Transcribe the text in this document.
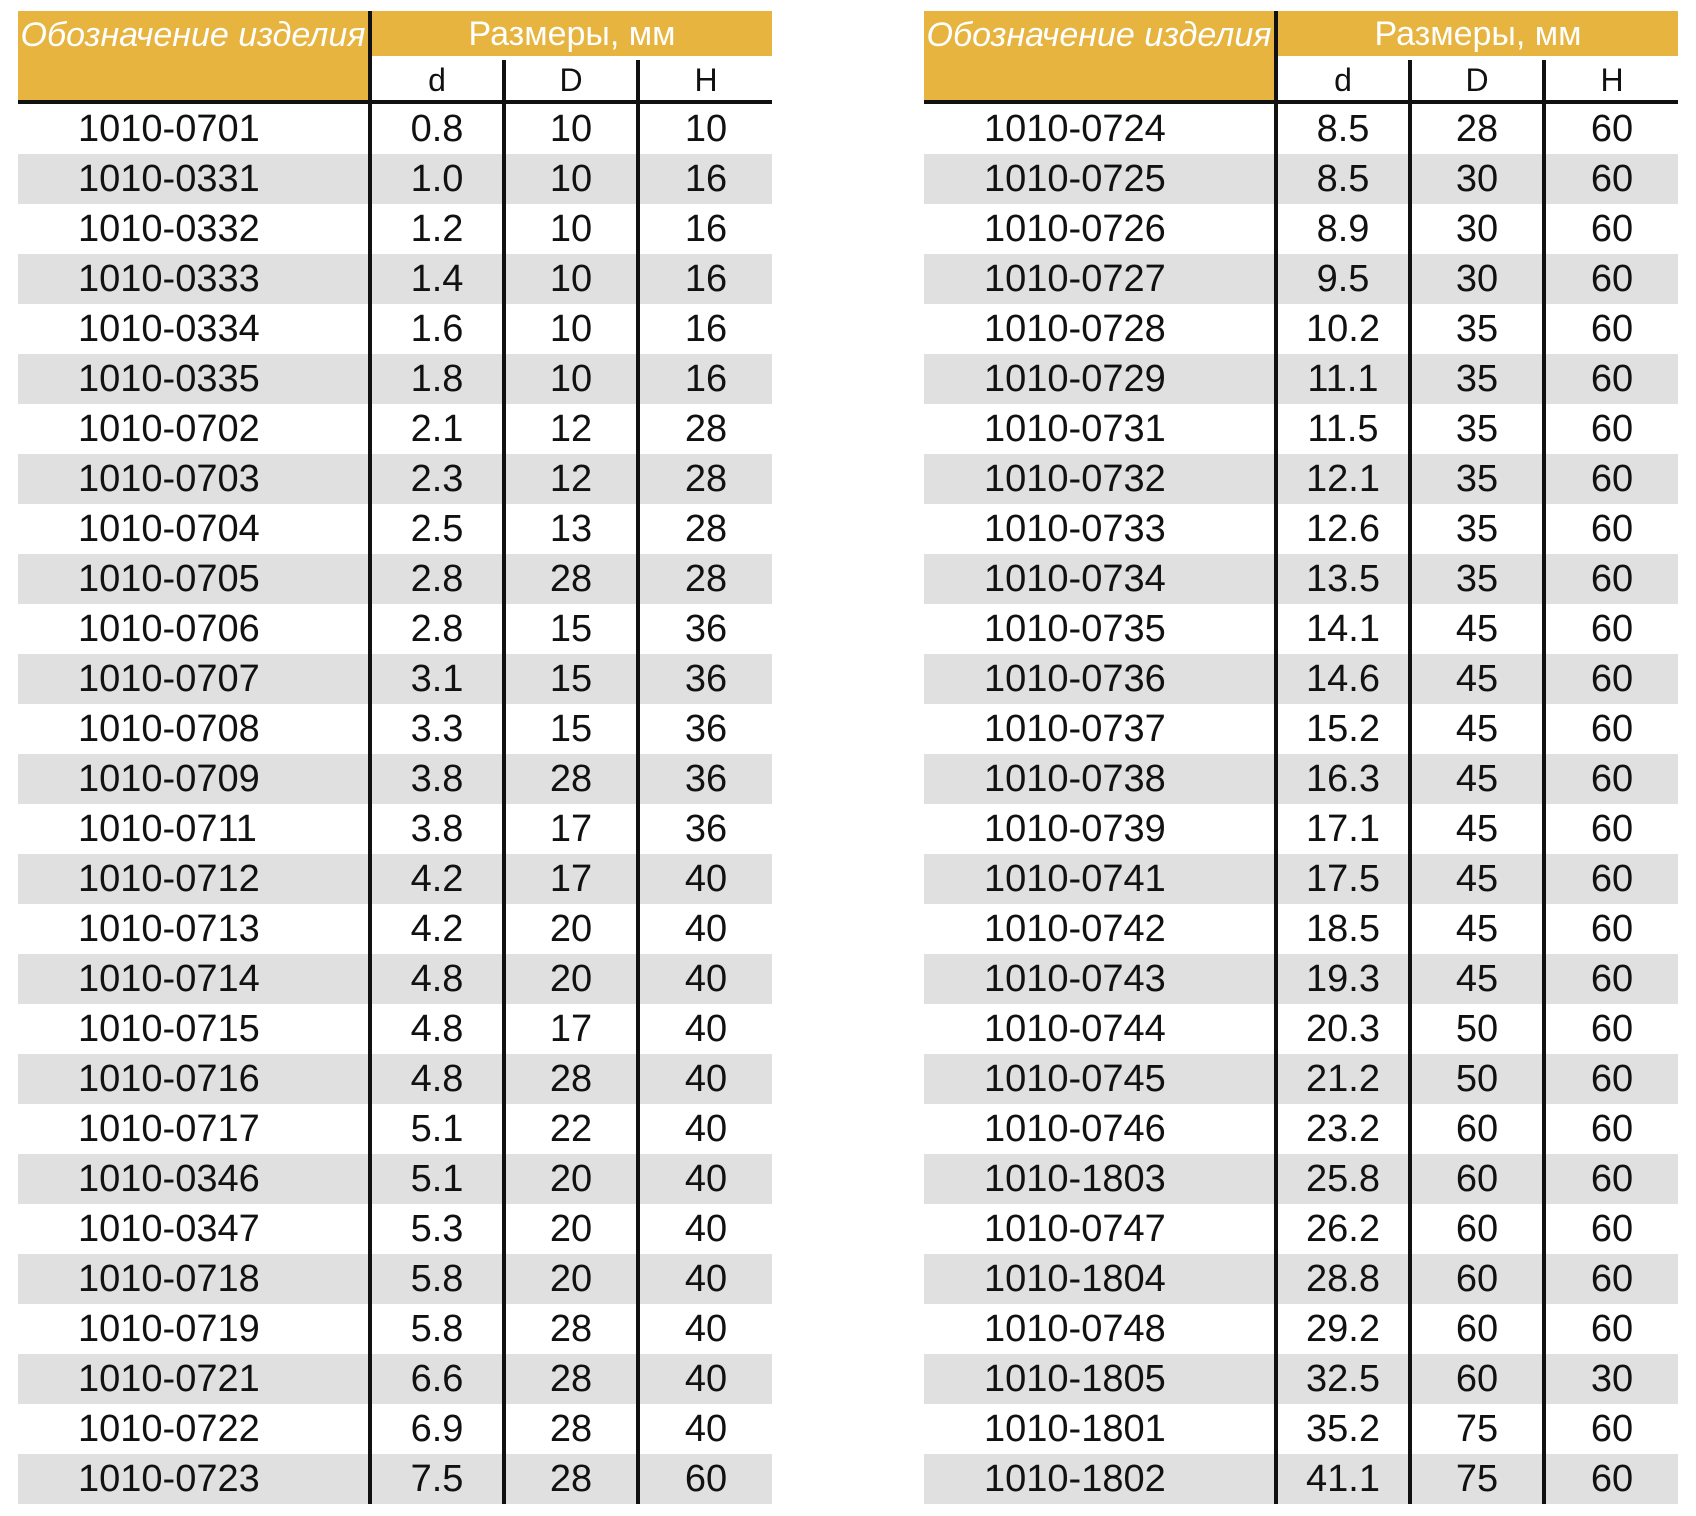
Обозначение изделия	Размеры, мм		
	d	D	H
1010-0701	0.8	10	10
1010-0331	1.0	10	16
1010-0332	1.2	10	16
1010-0333	1.4	10	16
1010-0334	1.6	10	16
1010-0335	1.8	10	16
1010-0702	2.1	12	28
1010-0703	2.3	12	28
1010-0704	2.5	13	28
1010-0705	2.8	28	28
1010-0706	2.8	15	36
1010-0707	3.1	15	36
1010-0708	3.3	15	36
1010-0709	3.8	28	36
1010-0711	3.8	17	36
1010-0712	4.2	17	40
1010-0713	4.2	20	40
1010-0714	4.8	20	40
1010-0715	4.8	17	40
1010-0716	4.8	28	40
1010-0717	5.1	22	40
1010-0346	5.1	20	40
1010-0347	5.3	20	40
1010-0718	5.8	20	40
1010-0719	5.8	28	40
1010-0721	6.6	28	40
1010-0722	6.9	28	40
1010-0723	7.5	28	60
Обозначение изделия	Размеры, мм		
	d	D	H
1010-0724	8.5	28	60
1010-0725	8.5	30	60
1010-0726	8.9	30	60
1010-0727	9.5	30	60
1010-0728	10.2	35	60
1010-0729	11.1	35	60
1010-0731	11.5	35	60
1010-0732	12.1	35	60
1010-0733	12.6	35	60
1010-0734	13.5	35	60
1010-0735	14.1	45	60
1010-0736	14.6	45	60
1010-0737	15.2	45	60
1010-0738	16.3	45	60
1010-0739	17.1	45	60
1010-0741	17.5	45	60
1010-0742	18.5	45	60
1010-0743	19.3	45	60
1010-0744	20.3	50	60
1010-0745	21.2	50	60
1010-0746	23.2	60	60
1010-1803	25.8	60	60
1010-0747	26.2	60	60
1010-1804	28.8	60	60
1010-0748	29.2	60	60
1010-1805	32.5	60	30
1010-1801	35.2	75	60
1010-1802	41.1	75	60
